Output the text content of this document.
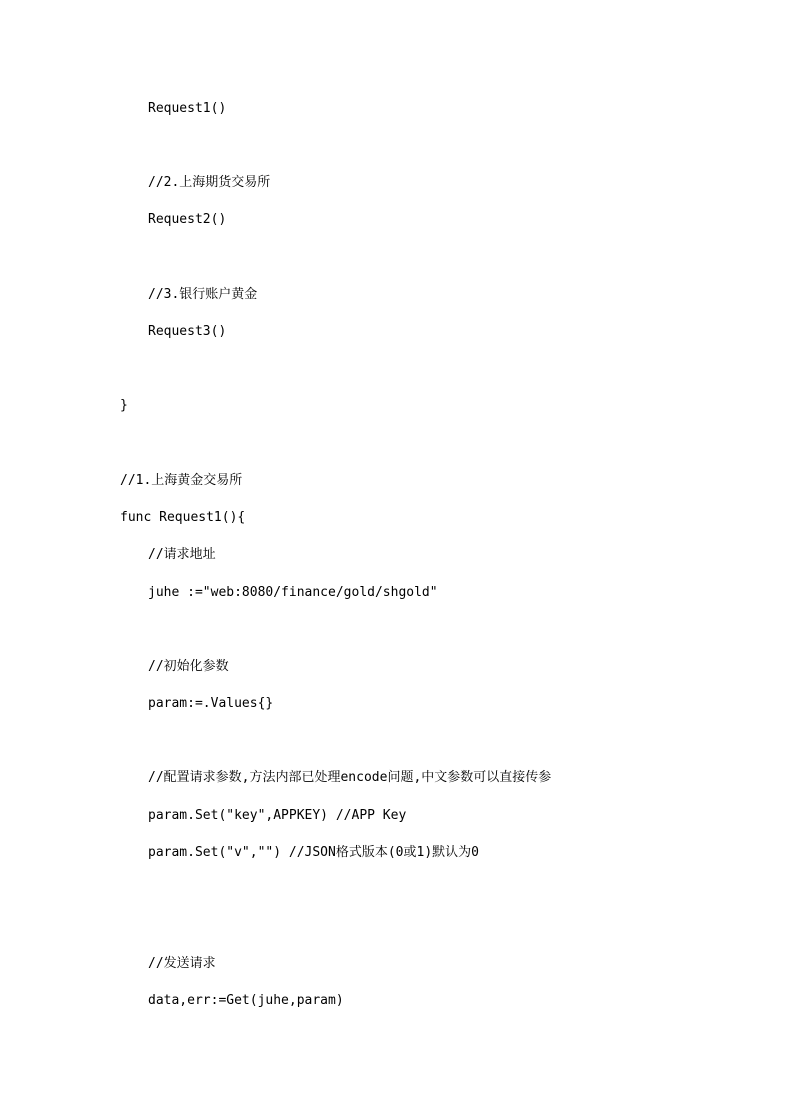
Request1()
//2.上海期货交易所
Request2()
//3.银行账户黄金
Request3()
}
//1.上海黄金交易所
func Request1(){
//请求地址
juhe :="web:8080/finance/gold/shgold"
//初始化参数
param:=.Values{}
//配置请求参数,方法内部已处理encode问题,中文参数可以直接传参
param.Set("key",APPKEY) //APP Key
param.Set("v","") //JSON格式版本(0或1)默认为0
//发送请求
data,err:=Get(juhe,param)
